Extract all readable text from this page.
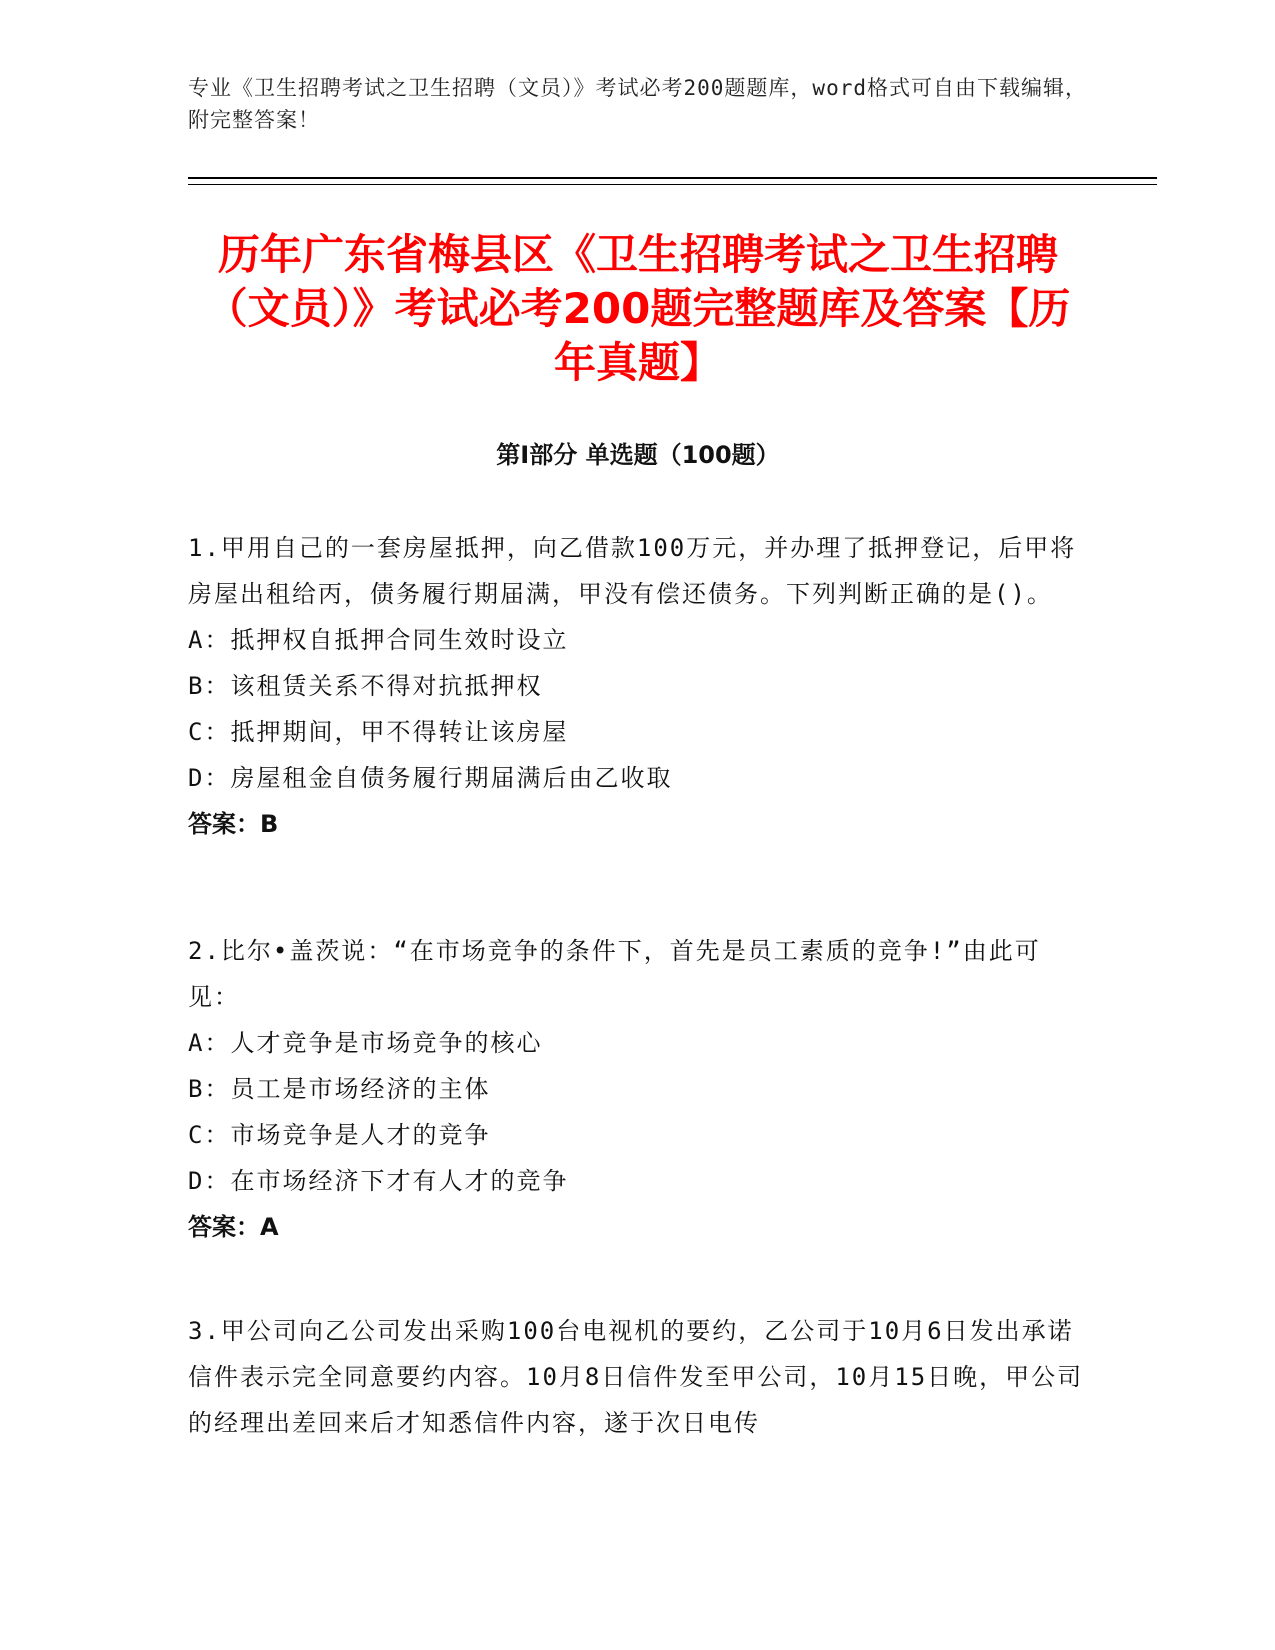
专业《卫生招聘考试之卫生招聘（文员）》考试必考200题题库，word格式可自由下载编辑，附完整答案！
历年广东省梅县区《卫生招聘考试之卫生招聘（文员）》考试必考200题完整题库及答案【历年真题】
第I部分 单选题（100题）

1.甲用自己的一套房屋抵押，向乙借款100万元，并办理了抵押登记，后甲将房屋出租给丙，债务履行期届满，甲没有偿还债务。下列判断正确的是()。

A：抵押权自抵押合同生效时设立

B：该租赁关系不得对抗抵押权

C：抵押期间，甲不得转让该房屋

D：房屋租金自债务履行期届满后由乙收取

答案：B

2.比尔•盖茨说：“在市场竞争的条件下，首先是员工素质的竞争!”由此可见：

A：人才竞争是市场竞争的核心

B：员工是市场经济的主体

C：市场竞争是人才的竞争

D：在市场经济下才有人才的竞争

答案：A

3.甲公司向乙公司发出采购100台电视机的要约，乙公司于10月6日发出承诺信件表示完全同意要约内容。10月8日信件发至甲公司，10月15日晚，甲公司的经理出差回来后才知悉信件内容，遂于次日电传
